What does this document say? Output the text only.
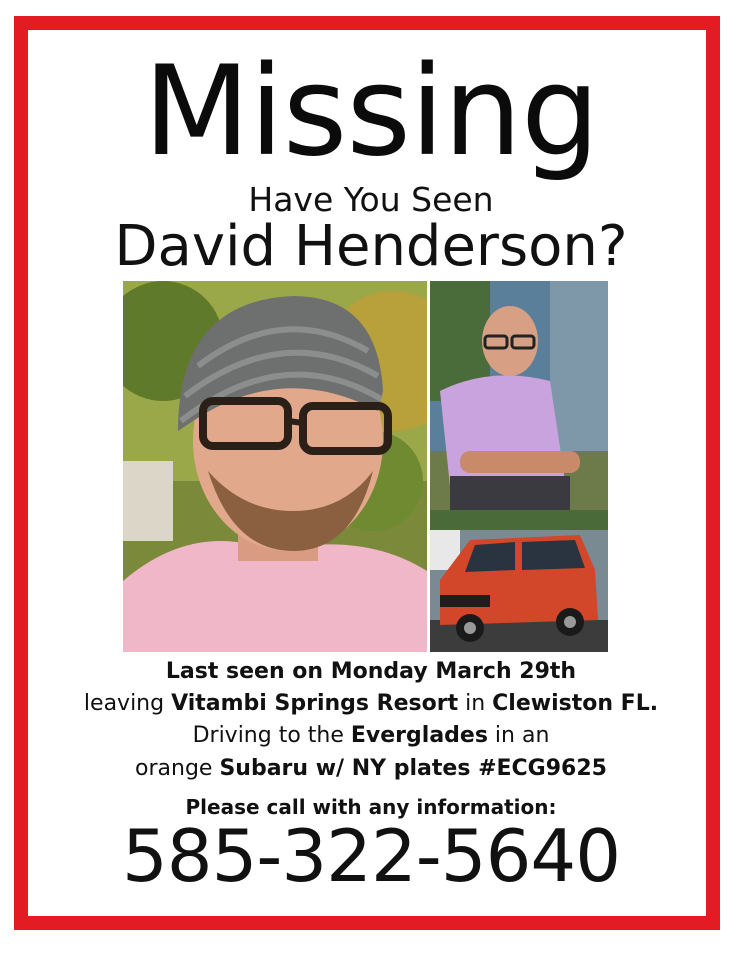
Missing
Have You Seen
David Henderson?
Last seen on Monday March 29th
leaving Vitambi Springs Resort in Clewiston FL.
Driving to the Everglades in an
orange Subaru w/ NY plates #ECG9625
Please call with any information:
585-322-5640
